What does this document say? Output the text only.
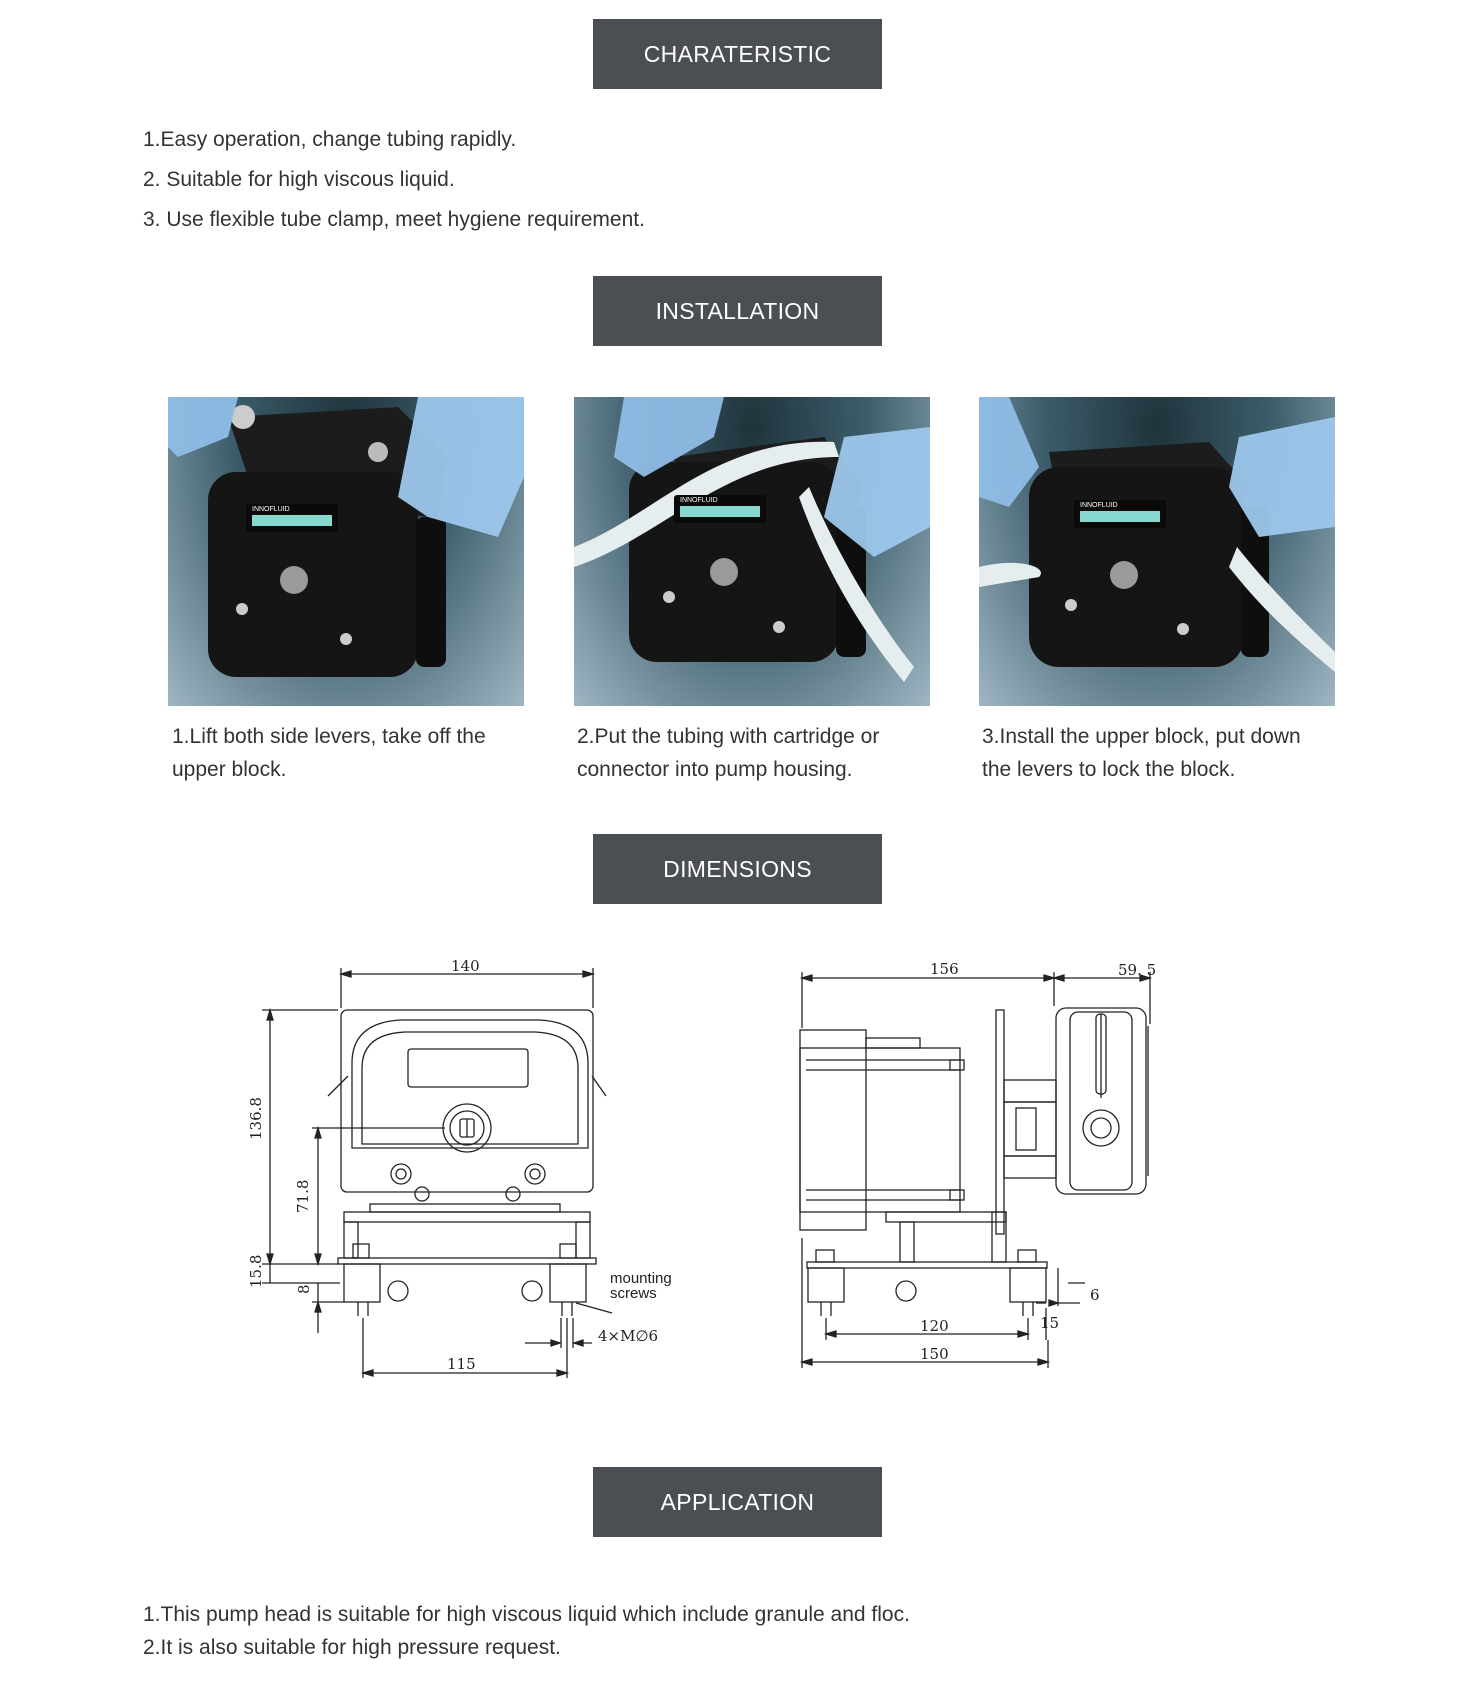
CHARATERISTIC
1.Easy operation, change tubing rapidly.
2. Suitable for high viscous liquid.
3. Use flexible tube clamp, meet hygiene requirement.
INSTALLATION
INNOFLUID
INNOFLUID
INNOFLUID
1.Lift both side levers, take off the
upper block.
2.Put the tubing with cartridge or
connector into pump housing.
3.Install the upper block, put down
the levers to lock the block.
DIMENSIONS
140
136.8
71.8
15.8
8
115
4×M∅6
mounting
screws
156	59. 5
120
150
15
6
APPLICATION
1.This pump head is suitable for high viscous liquid which include granule and floc.
2.It is also suitable for high pressure request.
